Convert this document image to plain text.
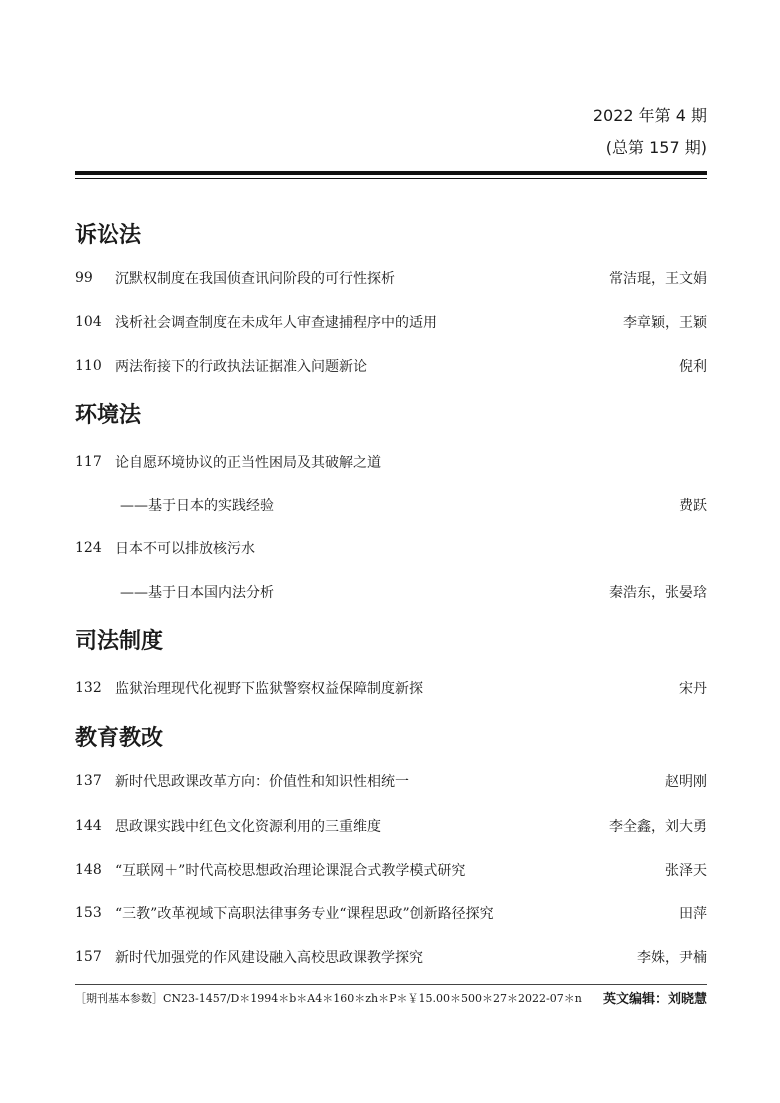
2022 年第 4 期
(总第 157 期)
诉讼法
99	沉默权制度在我国侦查讯问阶段的可行性探析	常洁琨，王文娟
104 浅析社会调查制度在未成年人审查逮捕程序中的适用	李章颖，王颖
110 两法衔接下的行政执法证据准入问题新论	倪利
环境法
117 论自愿环境协议的正当性困局及其破解之道
——基于日本的实践经验	费跃
124 日本不可以排放核污水
——基于日本国内法分析	秦浩东，张晏琀
司法制度
132 监狱治理现代化视野下监狱警察权益保障制度新探	宋丹
教育教改
137 新时代思政课改革方向：价值性和知识性相统一	赵明刚
144 思政课实践中红色文化资源利用的三重维度	李全鑫，刘大勇
148 “互联网＋”时代高校思想政治理论课混合式教学模式研究	张泽天
153 “三教”改革视域下高职法律事务专业“课程思政”创新路径探究	田萍
157 新时代加强党的作风建设融入高校思政课教学探究	李姝，尹楠
［期刊基本参数］CN23-1457/D＊1994＊b＊A4＊160＊zh＊P＊￥15.00＊500＊27＊2022-07＊n 英文编辑：刘晓慧
